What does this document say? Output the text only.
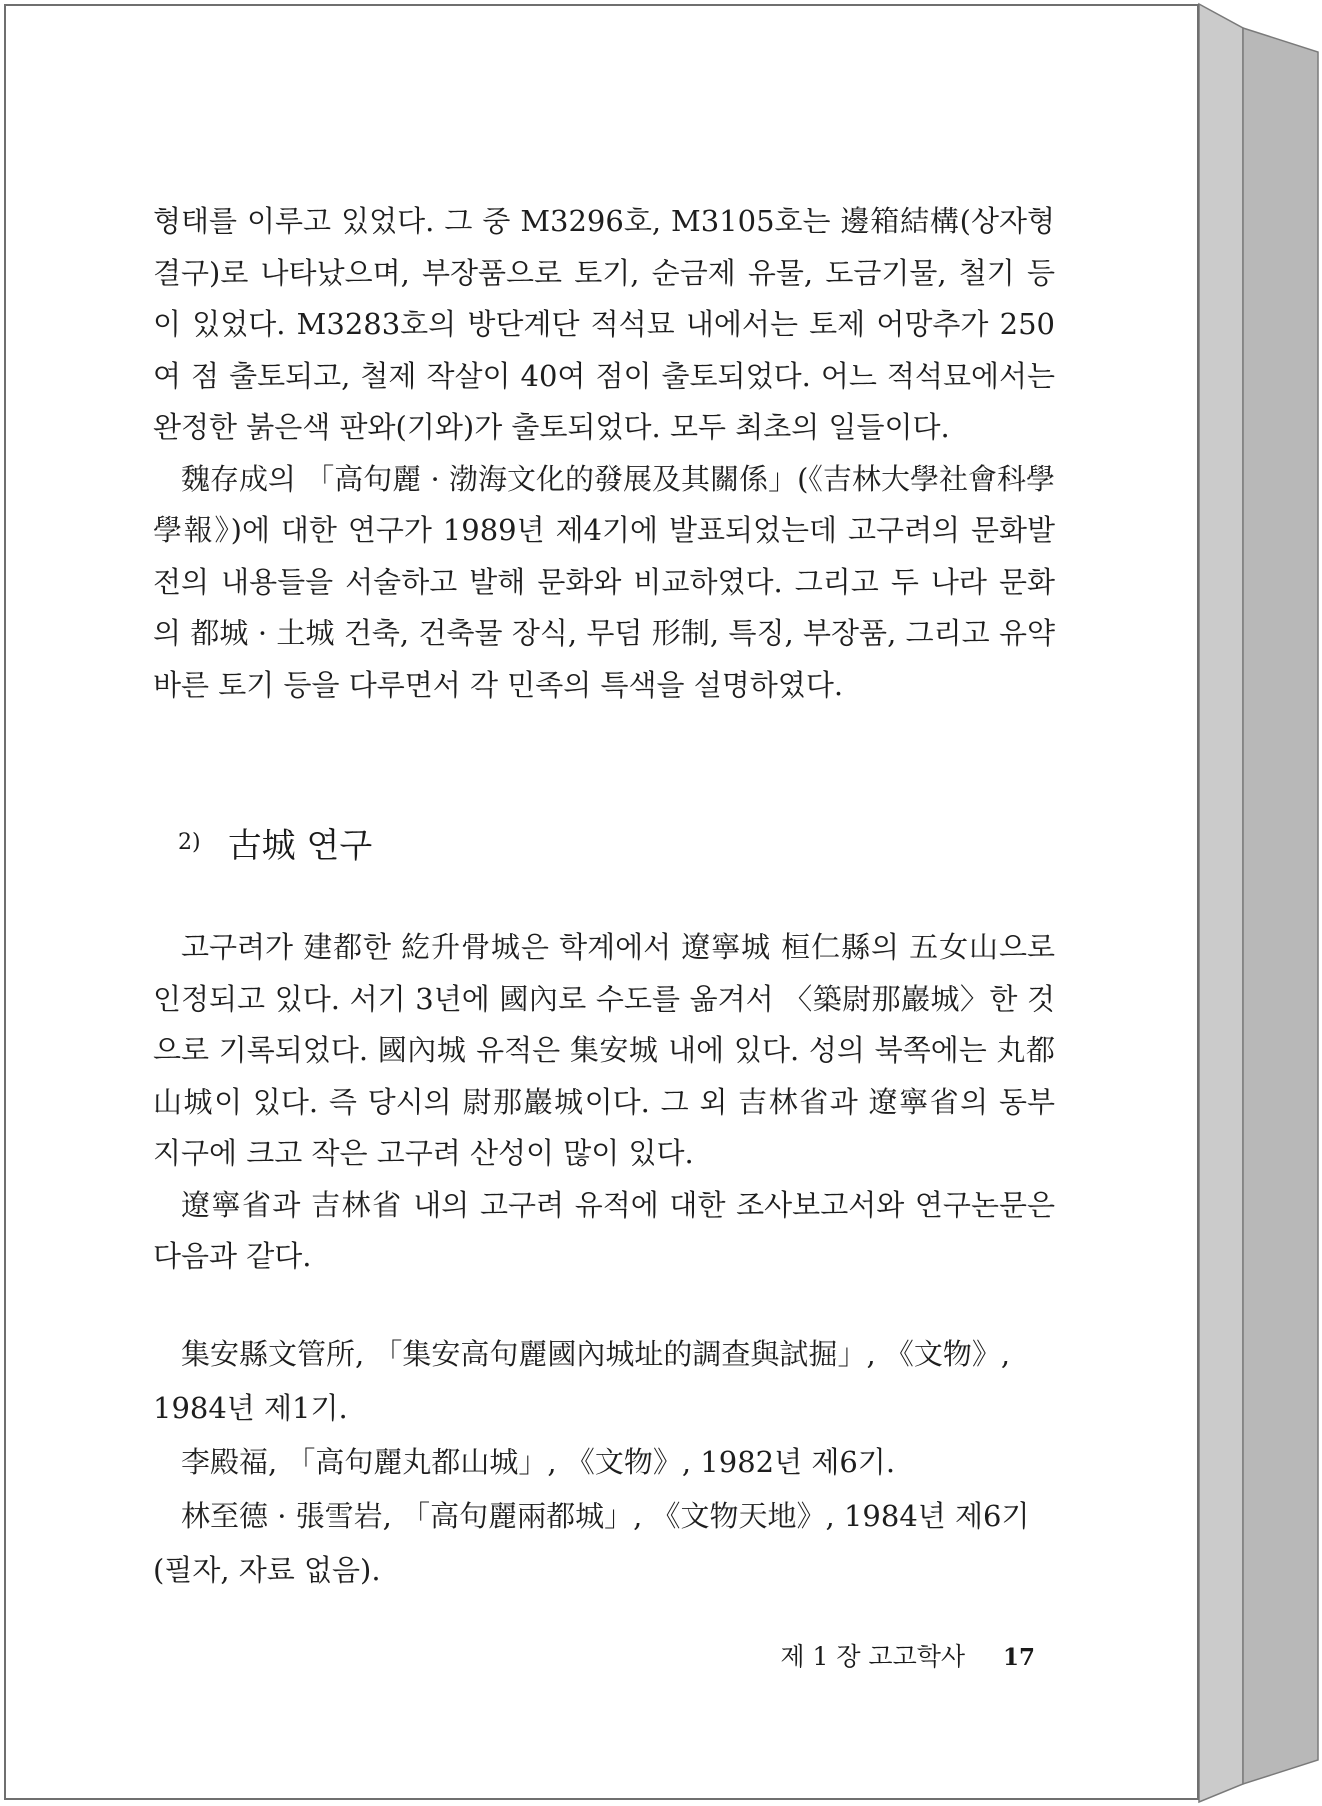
형태를 이루고 있었다. 그 중 M3296호, M3105호는 邊箱結構(상자형 결구)로 나타났으며, 부장품으로 토기, 순금제 유물, 도금기물, 철기 등이 있었다. M3283호의 방단계단 적석묘 내에서는 토제 어망추가 250여 점 출토되고, 철제 작살이 40여 점이 출토되었다. 어느 적석묘에서는 완정한 붉은색 판와(기와)가 출토되었다. 모두 최초의 일들이다.

魏存成의 「高句麗 · 渤海文化的發展及其關係」(《吉林大學社會科學學報》)에 대한 연구가 1989년 제4기에 발표되었는데 고구려의 문화발전의 내용들을 서술하고 발해 문화와 비교하였다. 그리고 두 나라 문화의 都城 · 土城 건축, 건축물 장식, 무덤 形制, 특징, 부장품, 그리고 유약 바른 토기 등을 다루면서 각 민족의 특색을 설명하였다.

2) 古城 연구

고구려가 建都한 紇升骨城은 학계에서 遼寧城 桓仁縣의 五女山으로 인정되고 있다. 서기 3년에 國內로 수도를 옮겨서 〈築尉那巖城〉한 것으로 기록되었다. 國內城 유적은 集安城 내에 있다. 성의 북쪽에는 丸都山城이 있다. 즉 당시의 尉那巖城이다. 그 외 吉林省과 遼寧省의 동부 지구에 크고 작은 고구려 산성이 많이 있다.

遼寧省과 吉林省 내의 고구려 유적에 대한 조사보고서와 연구논문은 다음과 같다.

集安縣文管所, 「集安高句麗國內城址的調查與試掘」, 《文物》, 1984년 제1기.

李殿福, 「高句麗丸都山城」, 《文物》, 1982년 제6기.

林至德 · 張雪岩, 「高句麗兩都城」, 《文物天地》, 1984년 제6기(필자, 자료 없음).

제 1 장 고고학사 17
